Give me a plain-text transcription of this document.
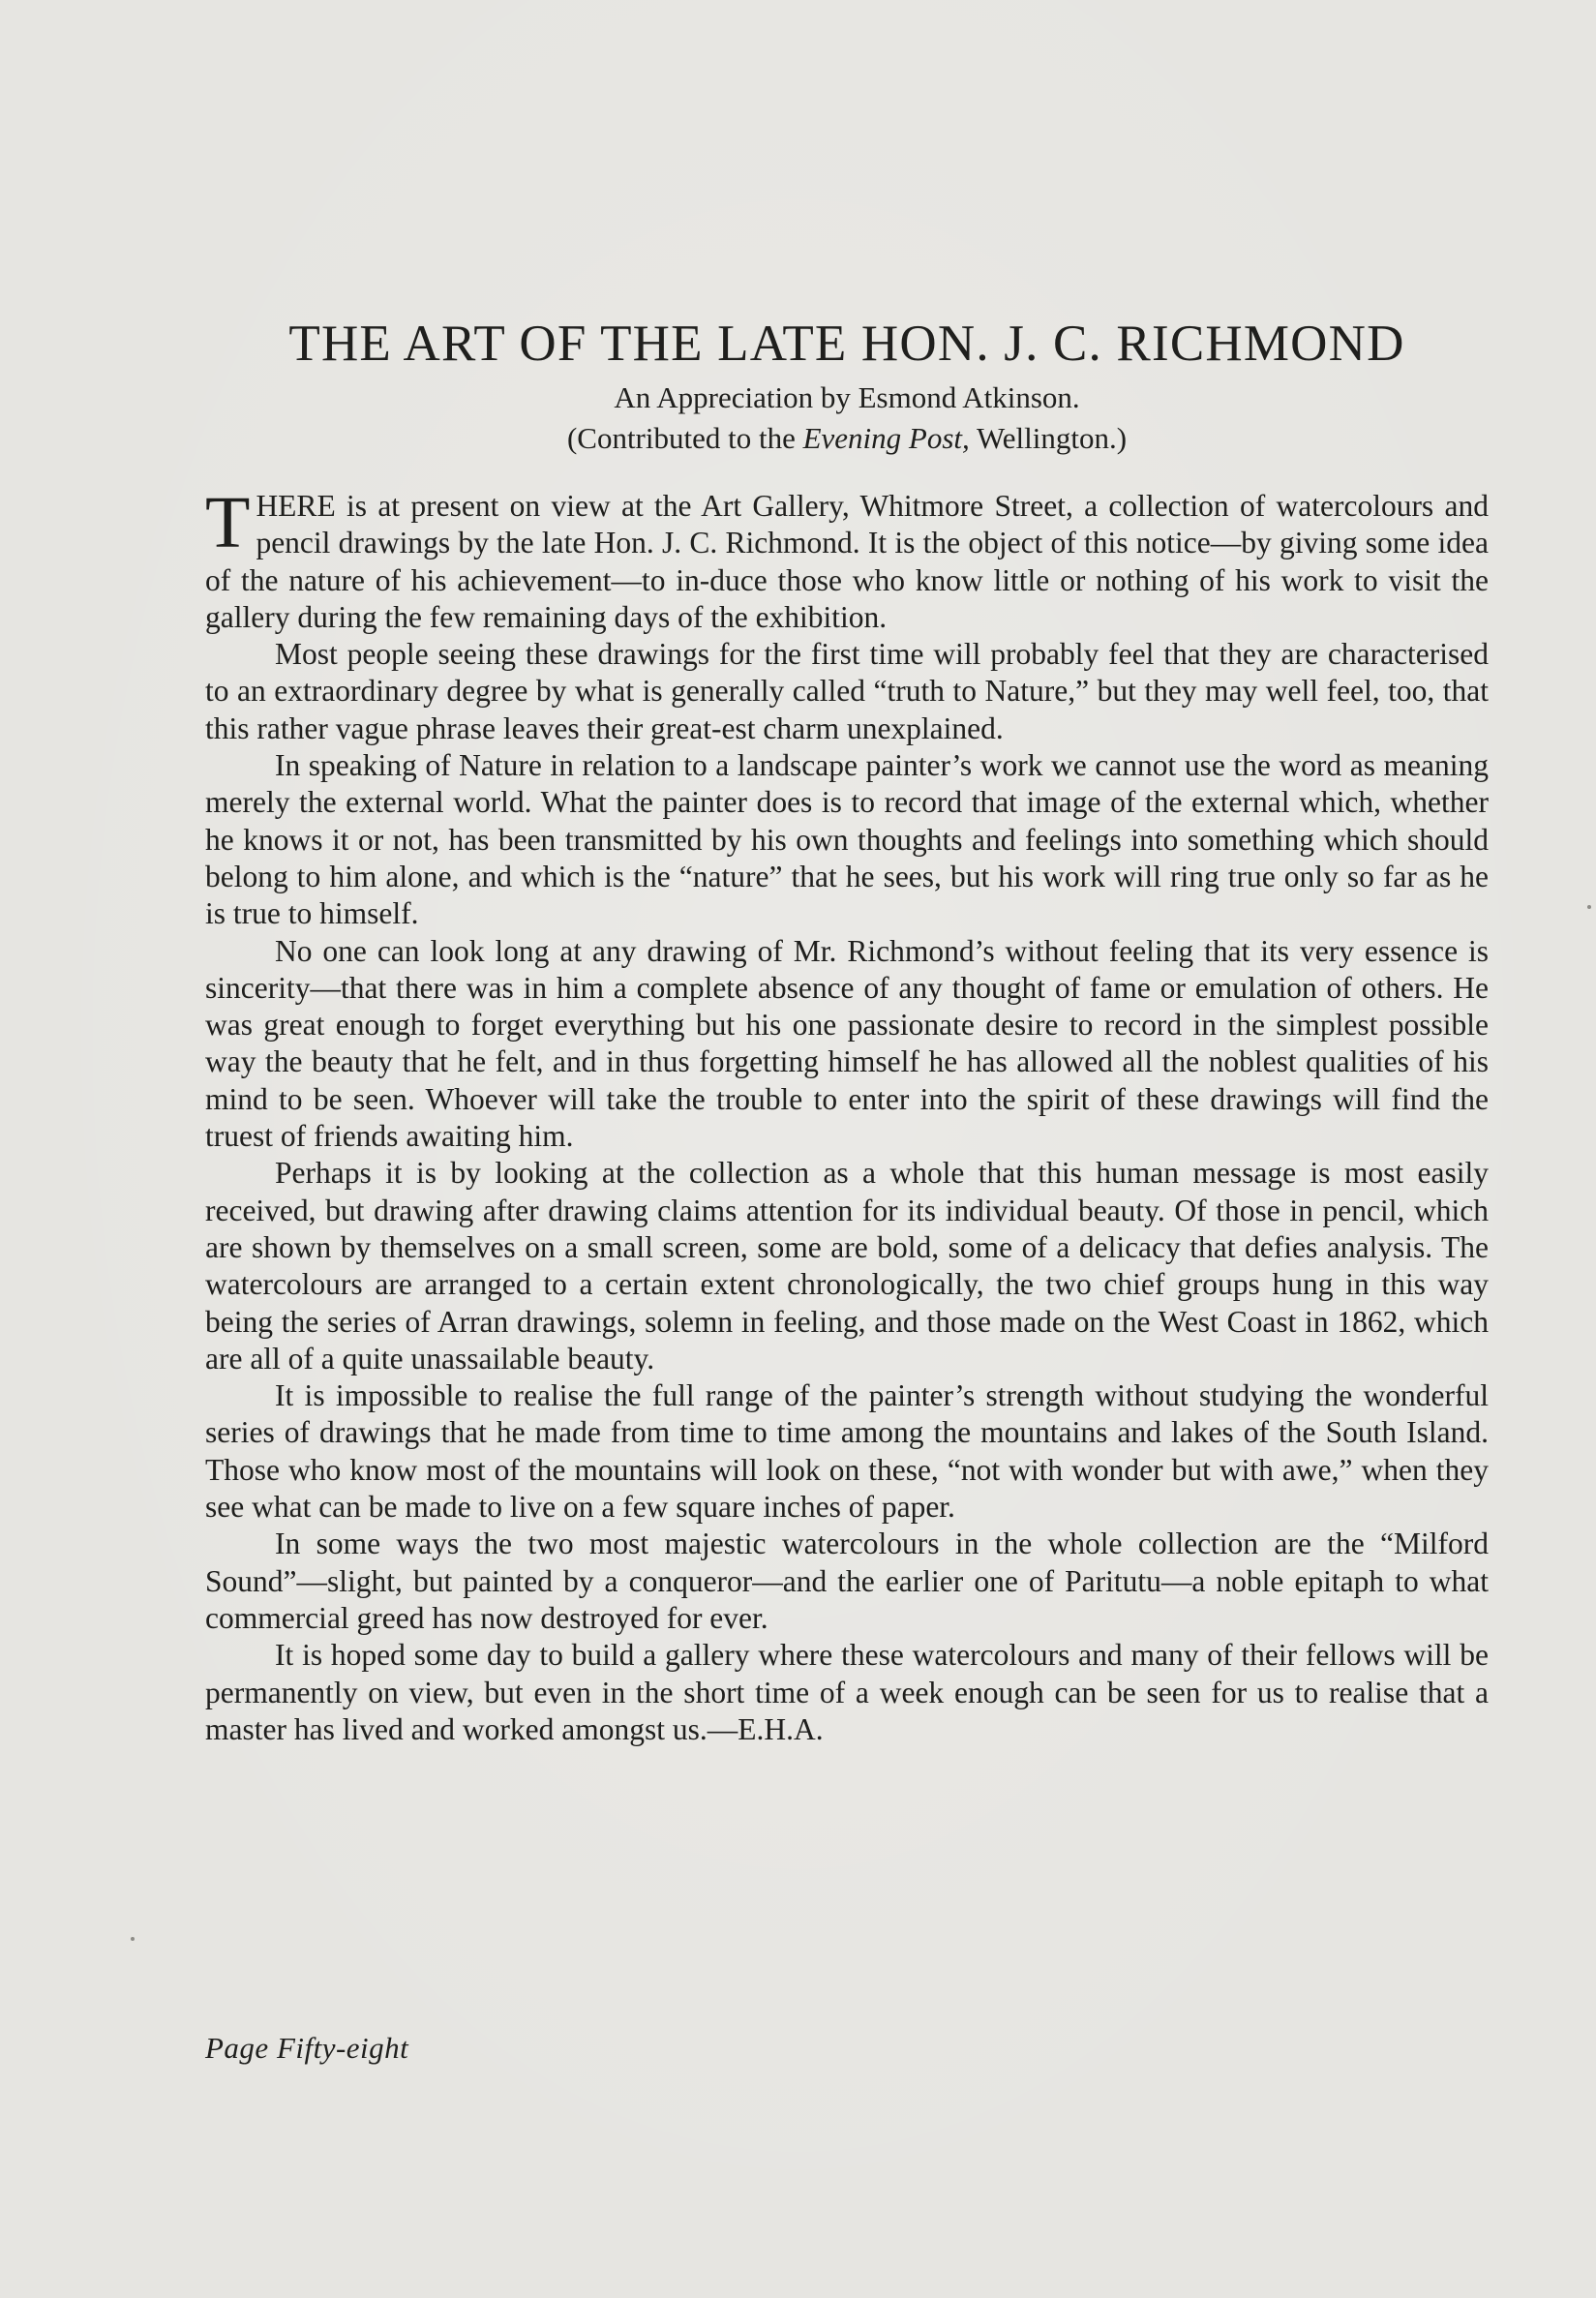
THE ART OF THE LATE HON. J. C. RICHMOND

An Appreciation by Esmond Atkinson.

(Contributed to the Evening Post, Wellington.)

THERE is at present on view at the Art Gallery, Whitmore Street, a collection of watercolours and pencil drawings by the late Hon. J. C. Richmond. It is the object of this notice—by giving some idea of the nature of his achievement—to in-duce those who know little or nothing of his work to visit the gallery during the few remaining days of the exhibition.

Most people seeing these drawings for the first time will probably feel that they are characterised to an extraordinary degree by what is generally called “truth to Nature,” but they may well feel, too, that this rather vague phrase leaves their great-est charm unexplained.

In speaking of Nature in relation to a landscape painter’s work we cannot use the word as meaning merely the external world. What the painter does is to record that image of the external which, whether he knows it or not, has been transmitted by his own thoughts and feelings into something which should belong to him alone, and which is the “nature” that he sees, but his work will ring true only so far as he is true to himself.

No one can look long at any drawing of Mr. Richmond’s without feeling that its very essence is sincerity—that there was in him a complete absence of any thought of fame or emulation of others. He was great enough to forget everything but his one passionate desire to record in the simplest possible way the beauty that he felt, and in thus forgetting himself he has allowed all the noblest qualities of his mind to be seen. Whoever will take the trouble to enter into the spirit of these drawings will find the truest of friends awaiting him.

Perhaps it is by looking at the collection as a whole that this human message is most easily received, but drawing after drawing claims attention for its individual beauty. Of those in pencil, which are shown by themselves on a small screen, some are bold, some of a delicacy that defies analysis. The watercolours are arranged to a certain extent chronologically, the two chief groups hung in this way being the series of Arran drawings, solemn in feeling, and those made on the West Coast in 1862, which are all of a quite unassailable beauty.

It is impossible to realise the full range of the painter’s strength without studying the wonderful series of drawings that he made from time to time among the mountains and lakes of the South Island. Those who know most of the mountains will look on these, “not with wonder but with awe,” when they see what can be made to live on a few square inches of paper.

In some ways the two most majestic watercolours in the whole collection are the “Milford Sound”—slight, but painted by a conqueror—and the earlier one of Paritutu—a noble epitaph to what commercial greed has now destroyed for ever.

It is hoped some day to build a gallery where these watercolours and many of their fellows will be permanently on view, but even in the short time of a week enough can be seen for us to realise that a master has lived and worked amongst us.—E.H.A.

Page Fifty-eight
